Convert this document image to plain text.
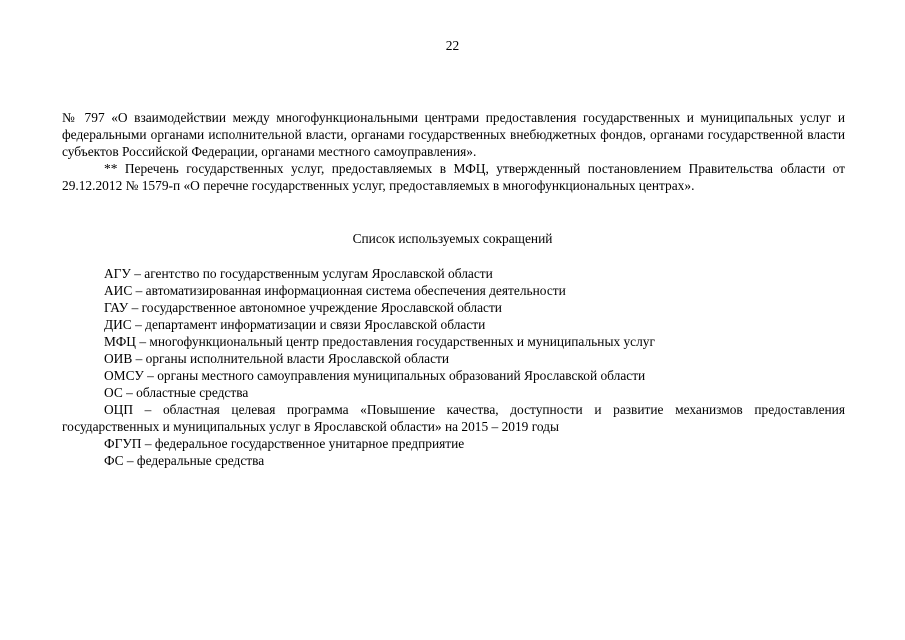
22

№ 797 «О взаимодействии между многофункциональными центрами предоставления государственных и муниципальных услуг и федеральными органами исполнительной власти, органами государственных внебюджетных фондов, органами государственной власти субъектов Российской Федерации, органами местного самоуправления».

** Перечень государственных услуг, предоставляемых в МФЦ, утвержденный постановлением Правительства области от 29.12.2012 № 1579-п «О перечне государственных услуг, предоставляемых в многофункциональных центрах».

Список используемых сокращений
АГУ – агентство по государственным услугам Ярославской области
АИС – автоматизированная информационная система обеспечения деятельности
ГАУ – государственное автономное учреждение Ярославской области
ДИС – департамент информатизации и связи Ярославской области
МФЦ – многофункциональный центр предоставления государственных и муниципальных услуг
ОИВ – органы исполнительной власти Ярославской области
ОМСУ – органы местного самоуправления муниципальных образований Ярославской области
ОС – областные средства
ОЦП – областная целевая программа «Повышение качества, доступности и развитие механизмов предоставления государственных и муниципальных услуг в Ярославской области» на 2015 – 2019 годы
ФГУП – федеральное государственное унитарное предприятие
ФС – федеральные средства
